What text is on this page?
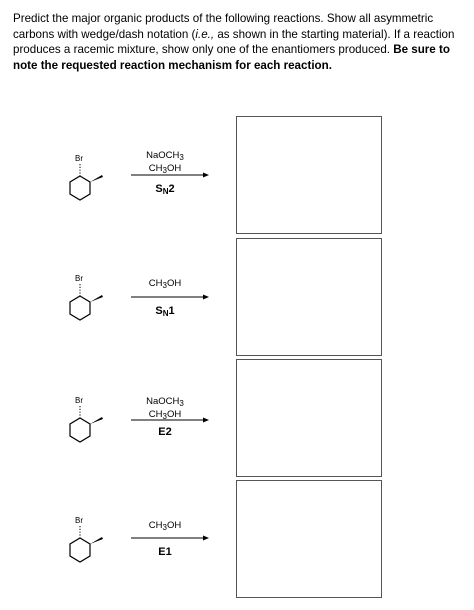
Predict the major organic products of the following reactions. Show all asymmetric carbons with wedge/dash notation (i.e., as shown in the starting material). If a reaction produces a racemic mixture, show only one of the enantiomers produced. Be sure to note the requested reaction mechanism for each reaction.
Br	NaOCH$_3$
$CH_3OH$
$S_N2$
Br	$CH_3OH$
$S_N1$
Br	NaOCH$_3$
$CH_3OH$
E2
Br	$CH_3OH$
E1
